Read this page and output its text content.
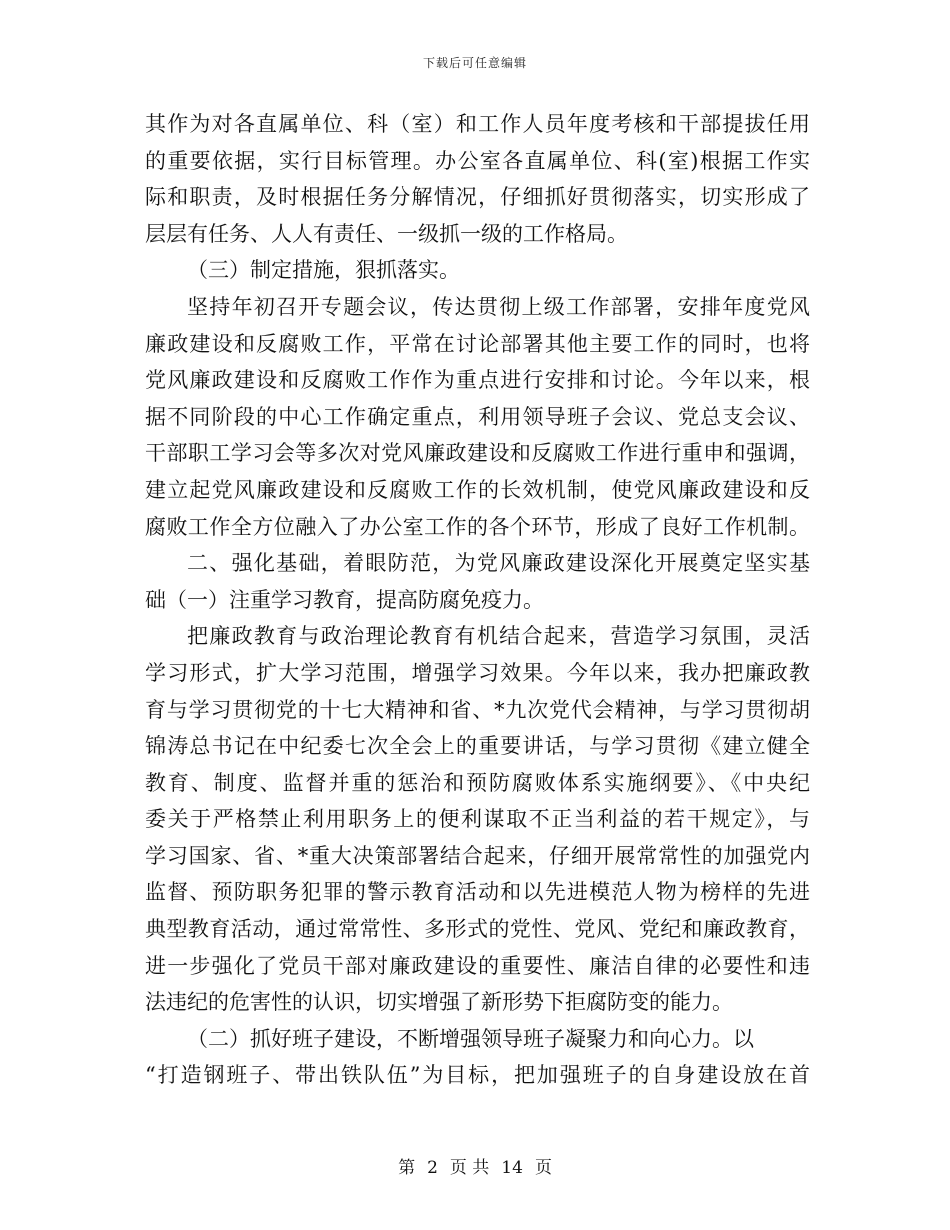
下载后可任意编辑
其作为对各直属单位、科（室）和工作人员年度考核和干部提拔任用
的重要依据，实行目标管理。办公室各直属单位、科(室)根据工作实
际和职责，及时根据任务分解情况，仔细抓好贯彻落实，切实形成了
层层有任务、人人有责任、一级抓一级的工作格局。
（三）制定措施，狠抓落实。
坚持年初召开专题会议，传达贯彻上级工作部署，安排年度党风
廉政建设和反腐败工作，平常在讨论部署其他主要工作的同时，也将
党风廉政建设和反腐败工作作为重点进行安排和讨论。今年以来，根
据不同阶段的中心工作确定重点，利用领导班子会议、党总支会议、
干部职工学习会等多次对党风廉政建设和反腐败工作进行重申和强调，
建立起党风廉政建设和反腐败工作的长效机制，使党风廉政建设和反
腐败工作全方位融入了办公室工作的各个环节，形成了良好工作机制。
二、强化基础，着眼防范，为党风廉政建设深化开展奠定坚实基
础（一）注重学习教育，提高防腐免疫力。
把廉政教育与政治理论教育有机结合起来，营造学习氛围，灵活
学习形式，扩大学习范围，增强学习效果。今年以来，我办把廉政教
育与学习贯彻党的十七大精神和省、*九次党代会精神，与学习贯彻胡
锦涛总书记在中纪委七次全会上的重要讲话，与学习贯彻《建立健全
教育、制度、监督并重的惩治和预防腐败体系实施纲要》、《中央纪
委关于严格禁止利用职务上的便利谋取不正当利益的若干规定》，与
学习国家、省、*重大决策部署结合起来，仔细开展常常性的加强党内
监督、预防职务犯罪的警示教育活动和以先进模范人物为榜样的先进
典型教育活动，通过常常性、多形式的党性、党风、党纪和廉政教育，
进一步强化了党员干部对廉政建设的重要性、廉洁自律的必要性和违
法违纪的危害性的认识，切实增强了新形势下拒腐防变的能力。
（二）抓好班子建设，不断增强领导班子凝聚力和向心力。以
“打造钢班子、带出铁队伍”为目标，把加强班子的自身建设放在首
第 2 页 共 14 页
